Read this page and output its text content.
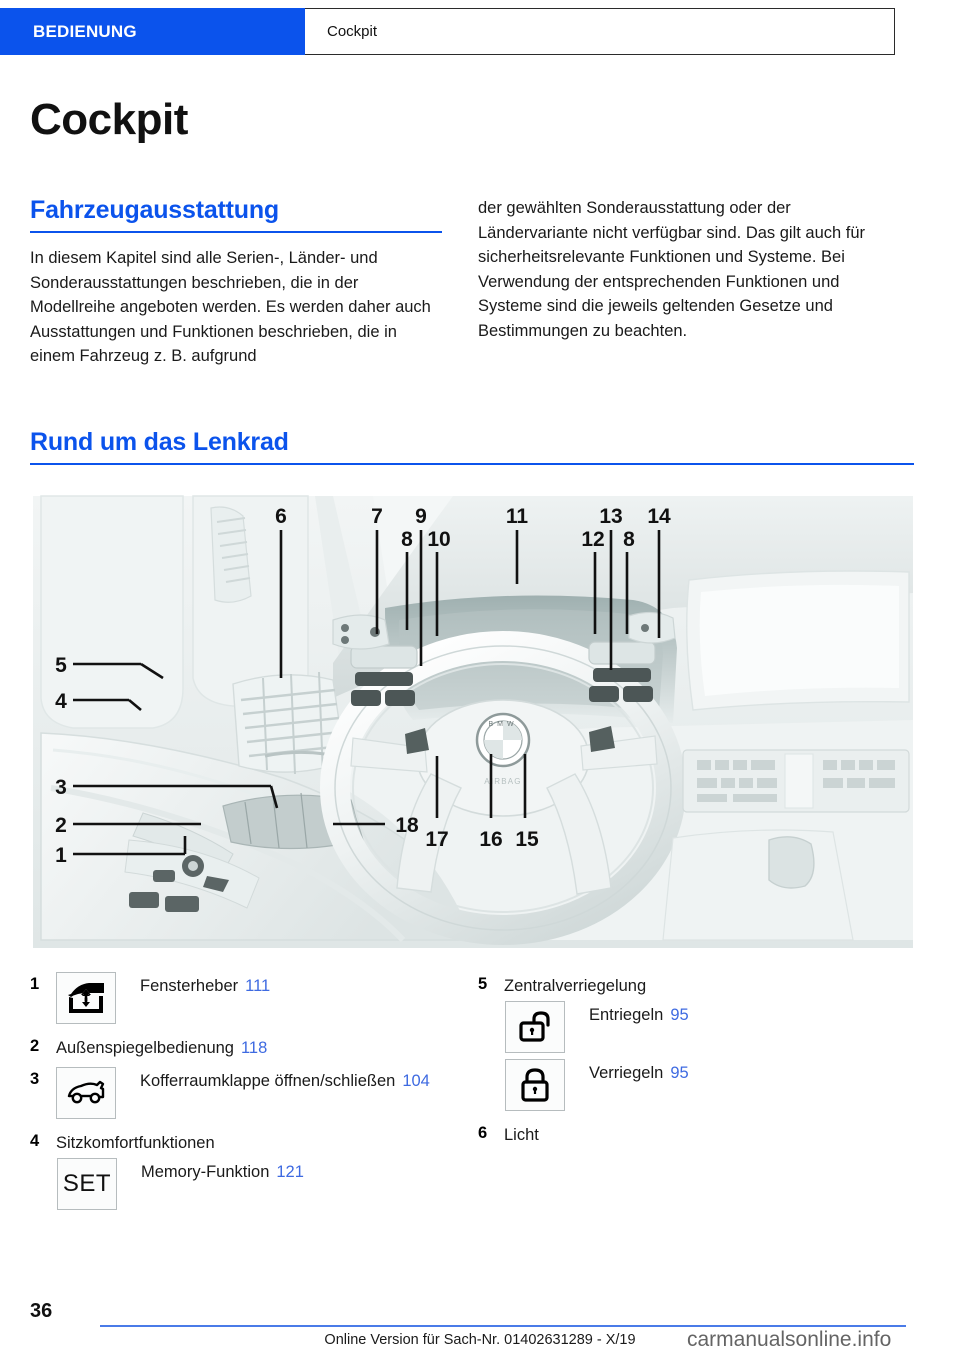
BEDIENUNG	Cockpit
Cockpit
Fahrzeugausstattung
In diesem Kapitel sind alle Serien-, Länder- und Sonderausstattungen beschrieben, die in der Modellreihe angeboten werden. Es werden daher auch Ausstattungen und Funktionen beschrieben, die in einem Fahrzeug z. B. aufgrund
der gewählten Sonderausstattung oder der Ländervariante nicht verfügbar sind. Das gilt auch für sicherheitsrelevante Funktionen und Systeme. Bei Verwendung der entsprechenden Funktionen und Systeme sind die jeweils geltenden Gesetze und Bestimmungen zu beachten.
Rund um das Lenkrad
BMW
AIRBAG
6	7
8
9
10
11
12
13
8
14
5
4
3
2
1
18
17 16 15
1	Fensterheber 111
2	Außenspiegelbedienung 118
3	Kofferraumklappe öffnen/schließen 104
4	Sitzkomfortfunktionen
SET Memory-Funktion 121
5	Zentralverriegelung
Entriegeln 95
Verriegeln 95
6	Licht
36
Online Version für Sach-Nr. 01402631289 - X/19	carmanualsonline.info
